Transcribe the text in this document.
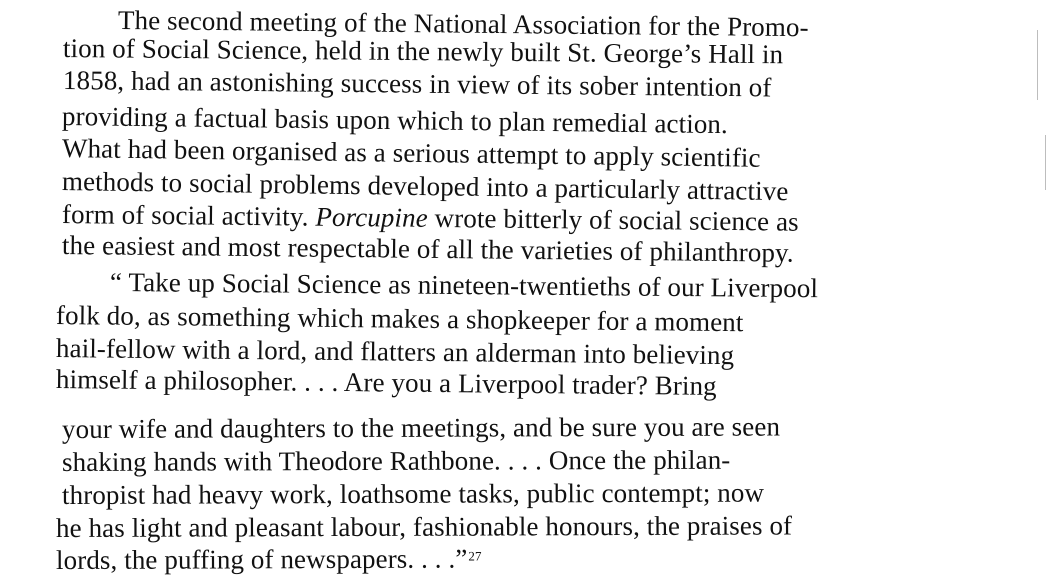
The second meeting of the National Association for the Promo-

tion of Social Science, held in the newly built St. George’s Hall in

1858, had an astonishing success in view of its sober intention of

providing a factual basis upon which to plan remedial action.

What had been organised as a serious attempt to apply scientific

methods to social problems developed into a particularly attractive

form of social activity. Porcupine wrote bitterly of social science as

the easiest and most respectable of all the varieties of philanthropy.

“ Take up Social Science as nineteen-twentieths of our Liverpool

folk do, as something which makes a shopkeeper for a moment

hail-fellow with a lord, and flatters an alderman into believing

himself a philosopher. . . . Are you a Liverpool trader? Bring

your wife and daughters to the meetings, and be sure you are seen

shaking hands with Theodore Rathbone. . . . Once the philan-

thropist had heavy work, loathsome tasks, public contempt; now

he has light and pleasant labour, fashionable honours, the praises of

lords, the puffing of newspapers. . . .”$^{27}$
